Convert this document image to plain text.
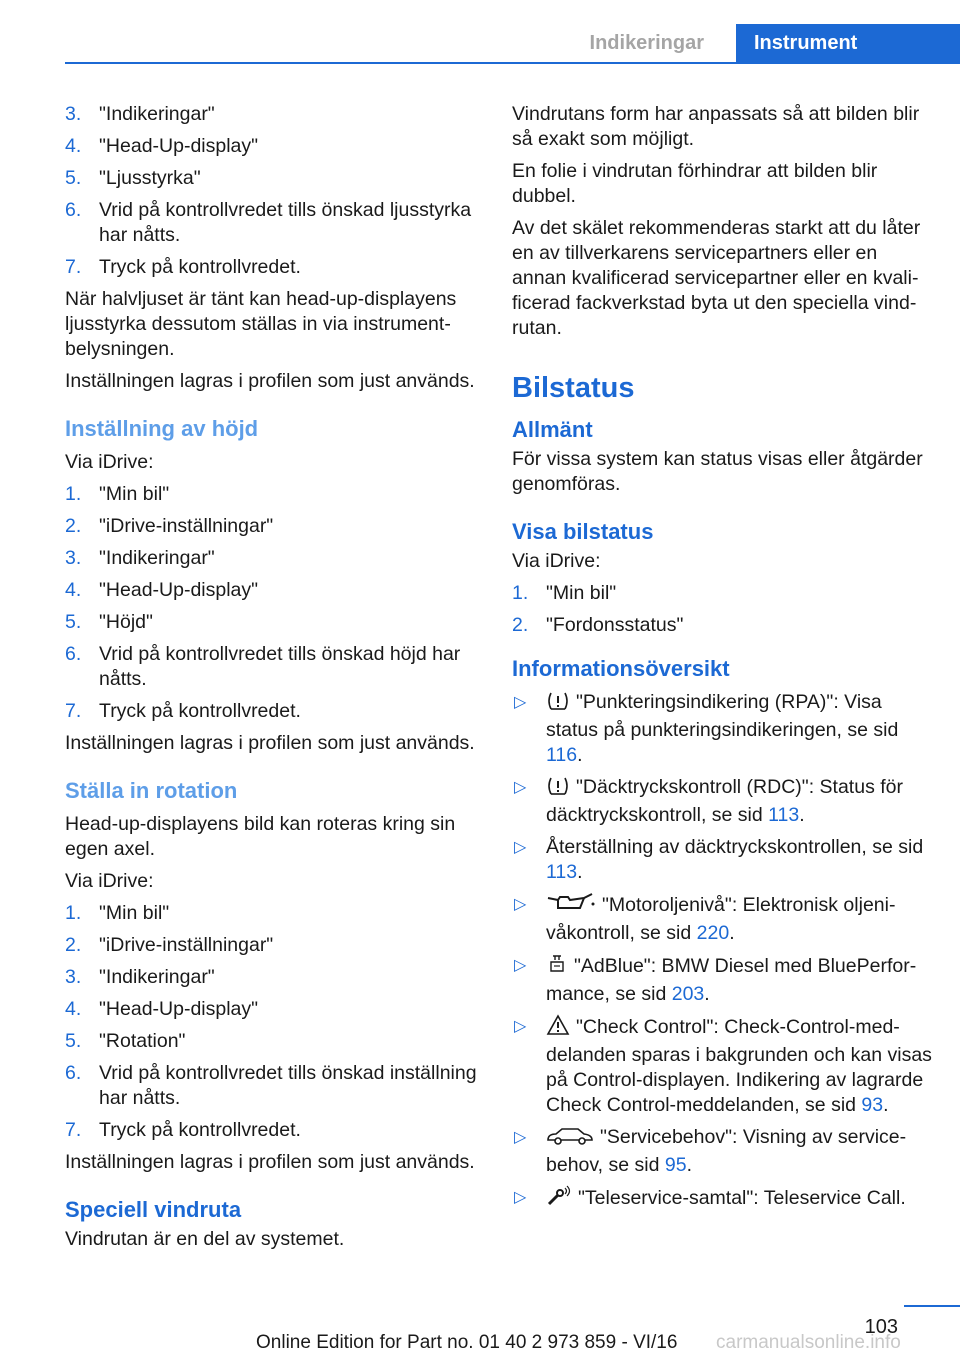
Indikeringar	Instrument
3. "Indikeringar"
4. "Head-Up-display"
5. "Ljusstyrka"
6. Vrid på kontrollvredet tills önskad ljusstyrka har nåtts.
7. Tryck på kontrollvredet.

När halvljuset är tänt kan head-up-displayens ljusstyrka dessutom ställas in via instrumentbelysningen.

Inställningen lagras i profilen som just används.

Inställning av höjd

Via iDrive:

1. "Min bil"
2. "iDrive-inställningar"
3. "Indikeringar"
4. "Head-Up-display"
5. "Höjd"
6. Vrid på kontrollvredet tills önskad höjd har nåtts.
7. Tryck på kontrollvredet.

Inställningen lagras i profilen som just används.

Ställa in rotation

Head-up-displayens bild kan roteras kring sin egen axel.

Via iDrive:

1. "Min bil"
2. "iDrive-inställningar"
3. "Indikeringar"
4. "Head-Up-display"
5. "Rotation"
6. Vrid på kontrollvredet tills önskad inställning har nåtts.
7. Tryck på kontrollvredet.

Inställningen lagras i profilen som just används.

Speciell vindruta

Vindrutan är en del av systemet.

Vindrutans form har anpassats så att bilden blir så exakt som möjligt.

En folie i vindrutan förhindrar att bilden blir dubbel.

Av det skälet rekommenderas starkt att du låter en av tillverkarens servicepartners eller en annan kvalificerad servicepartner eller en kvalificerad fackverkstad byta ut den speciella vindrutan.

Bilstatus
Allmänt

För vissa system kan status visas eller åtgärder genomföras.

Visa bilstatus

Via iDrive:

1. "Min bil"
2. "Fordonsstatus"
Informationsöversikt
▷	"Punkteringsindikering (RPA)": Visa status på punkteringsindikeringen, se sid 116.
▷	"Däcktryckskontroll (RDC)": Status för däcktryckskontroll, se sid 113.
▷ Återställning av däcktryckskontrollen, se sid 113.
▷	"Motoroljenivå": Elektronisk oljenivåkontroll, se sid 220.
▷ "AdBlue": BMW Diesel med BluePerformance, se sid 203.
▷	"Check Control": Check-Control-meddelanden sparas i bakgrunden och kan visas på Control-displayen. Indikering av lagrarde Check Control-meddelanden, se sid 93.
▷	"Servicebehov": Visning av servicebehov, se sid 95.
▷	"Teleservice-samtal": Teleservice Call.
103
Online Edition for Part no. 01 40 2 973 859 - VI/16 carmanualsonline.info
